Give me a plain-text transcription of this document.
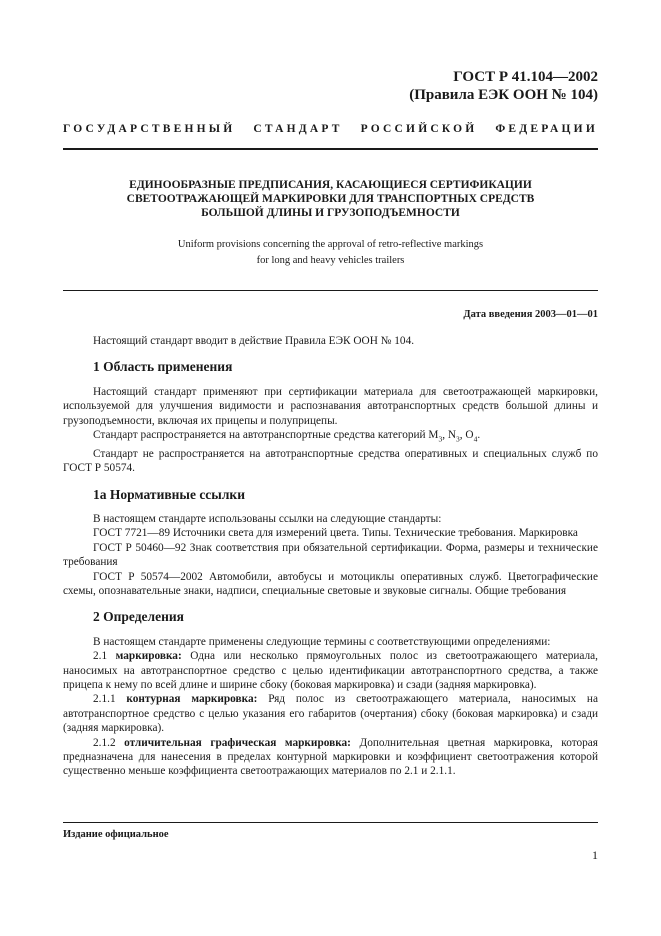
ГОСТ Р 41.104—2002
(Правила ЕЭК ООН № 104)
ГОСУДАРСТВЕННЫЙ СТАНДАРТ РОССИЙСКОЙ ФЕДЕРАЦИИ
ЕДИНООБРАЗНЫЕ ПРЕДПИСАНИЯ, КАСАЮЩИЕСЯ СЕРТИФИКАЦИИ
СВЕТООТРАЖАЮЩЕЙ МАРКИРОВКИ ДЛЯ ТРАНСПОРТНЫХ СРЕДСТВ
БОЛЬШОЙ ДЛИНЫ И ГРУЗОПОДЪЕМНОСТИ
Uniform provisions concerning the approval of retro-reflective markings
for long and heavy vehicles trailers
Дата введения 2003—01—01

Настоящий стандарт вводит в действие Правила ЕЭК ООН № 104.

1 Область применения

Настоящий стандарт применяют при сертификации материала для светоотражающей маркировки, используемой для улучшения видимости и распознавания автотранспортных средств большой длины и грузоподъемности, включая их прицепы и полуприцепы.

Стандарт распространяется на автотранспортные средства категорий $М_3$, $N_3$, $O_4$.

Стандарт не распространяется на автотранспортные средства оперативных и специальных служб по ГОСТ Р 50574.

1а Нормативные ссылки

В настоящем стандарте использованы ссылки на следующие стандарты:

ГОСТ 7721—89 Источники света для измерений цвета. Типы. Технические требования. Маркировка

ГОСТ Р 50460—92 Знак соответствия при обязательной сертификации. Форма, размеры и технические требования

ГОСТ Р 50574—2002 Автомобили, автобусы и мотоциклы оперативных служб. Цветографические схемы, опознавательные знаки, надписи, специальные световые и звуковые сигналы. Общие требования

2 Определения

В настоящем стандарте применены следующие термины с соответствующими определениями:

2.1 маркировка: Одна или несколько прямоугольных полос из светоотражающего материала, наносимых на автотранспортное средство с целью идентификации автотранспортного средства, а также прицепа к нему по всей длине и ширине сбоку (боковая маркировка) и сзади (задняя маркировка).

2.1.1 контурная маркировка: Ряд полос из светоотражающего материала, наносимых на автотранспортное средство с целью указания его габаритов (очертания) сбоку (боковая маркировка) и сзади (задняя маркировка).

2.1.2 отличительная графическая маркировка: Дополнительная цветная маркировка, которая предназначена для нанесения в пределах контурной маркировки и коэффициент светоотражения которой существенно меньше коэффициента светоотражающих материалов по 2.1 и 2.1.1.

Издание официальное
1
